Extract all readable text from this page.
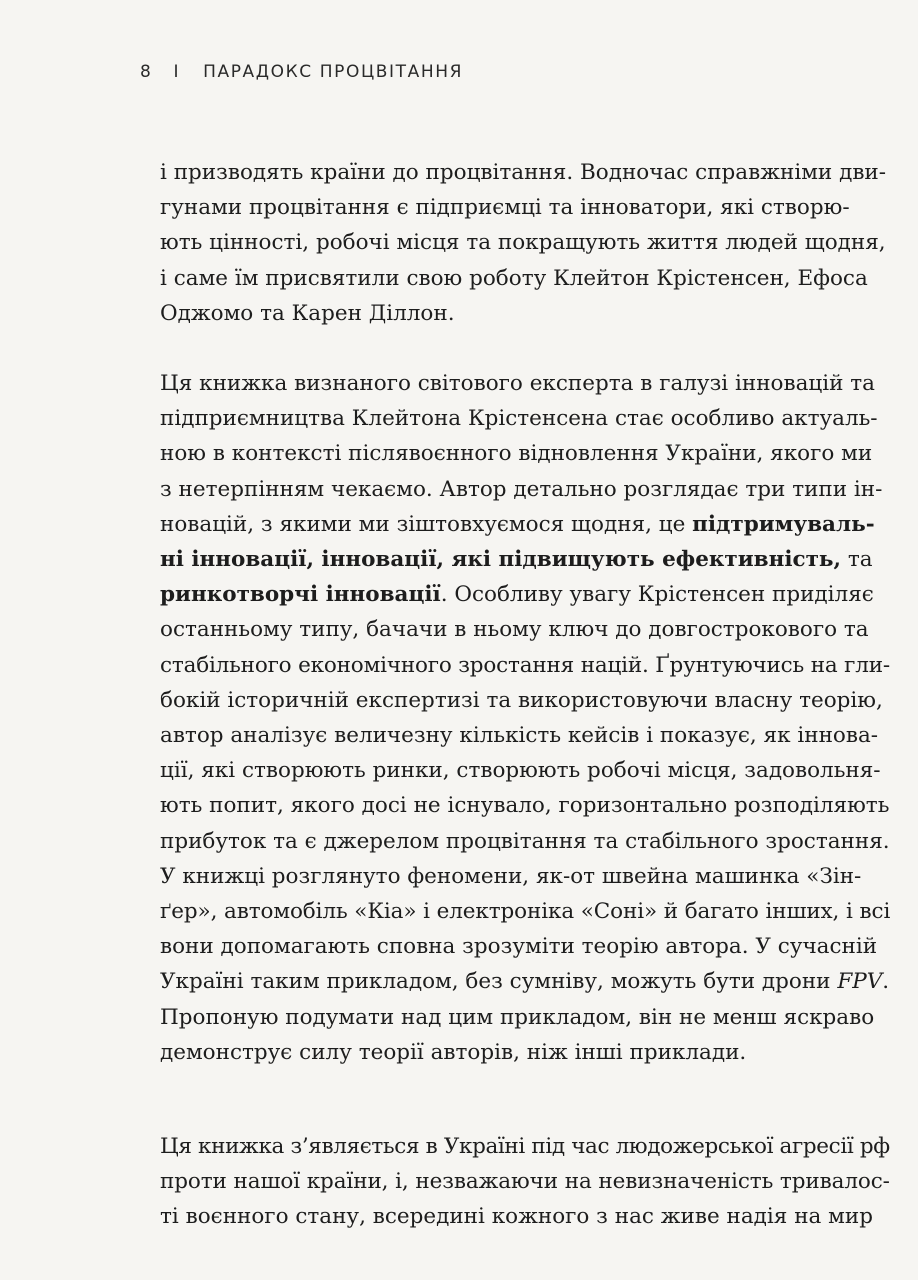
8 I ПАРАДОКС ПРОЦВІТАННЯ
і призводять країни до процвітання. Водночас справжніми дви-
гунами процвітання є підприємці та інноватори, які створю-
ють цінності, робочі місця та покращують життя людей щодня,
і саме їм присвятили свою роботу Клейтон Крістенсен, Ефоса
Оджомо та Карен Діллон.
Ця книжка визнаного світового експерта в галузі інновацій та
підприємництва Клейтона Крістенсена стає особливо актуаль-
ною в контексті післявоєнного відновлення України, якого ми
з нетерпінням чекаємо. Автор детально розглядає три типи ін-
новацій, з якими ми зіштовхуємося щодня, це підтримуваль-
ні інновації, інновації, які підвищують ефективність, та
ринкотворчі інновації. Особливу увагу Крістенсен приділяє
останньому типу, бачачи в ньому ключ до довгострокового та
стабільного економічного зростання націй. Ґрунтуючись на гли-
бокій історичній експертизі та використовуючи власну теорію,
автор аналізує величезну кількість кейсів і показує, як іннова-
ції, які створюють ринки, створюють робочі місця, задовольня-
ють попит, якого досі не існувало, горизонтально розподіляють
прибуток та є джерелом процвітання та стабільного зростання.
У книжці розглянуто феномени, як-от швейна машинка «Зін-
ґер», автомобіль «Кіа» і електроніка «Соні» й багато інших, і всі
вони допомагають сповна зрозуміти теорію автора. У сучасній
Україні таким прикладом, без сумніву, можуть бути дрони FPV.
Пропоную подумати над цим прикладом, він не менш яскраво
демонструє силу теорії авторів, ніж інші приклади.
Ця книжка з’являється в Україні під час людожерської агресії рф
проти нашої країни, і, незважаючи на невизначеність тривалос-
ті воєнного стану, всередині кожного з нас живе надія на мир
